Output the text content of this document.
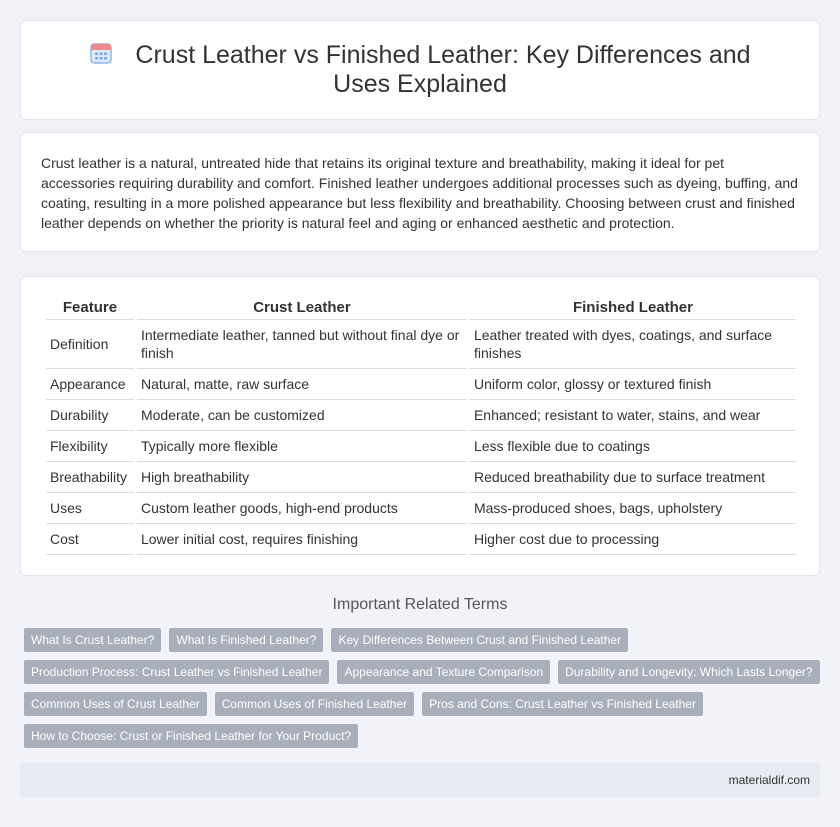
Crust Leather vs Finished Leather: Key Differences and Uses Explained

Crust leather is a natural, untreated hide that retains its original texture and breathability, making it ideal for pet accessories requiring durability and comfort. Finished leather undergoes additional processes such as dyeing, buffing, and coating, resulting in a more polished appearance but less flexibility and breathability. Choosing between crust and finished leather depends on whether the priority is natural feel and aging or enhanced aesthetic and protection.

Feature	Crust Leather	Finished Leather
Definition	Intermediate leather, tanned but without final dye or finish	Leather treated with dyes, coatings, and surface finishes
Appearance	Natural, matte, raw surface	Uniform color, glossy or textured finish
Durability	Moderate, can be customized	Enhanced; resistant to water, stains, and wear
Flexibility	Typically more flexible	Less flexible due to coatings
Breathability	High breathability	Reduced breathability due to surface treatment
Uses	Custom leather goods, high-end products	Mass-produced shoes, bags, upholstery
Cost	Lower initial cost, requires finishing	Higher cost due to processing
Important Related Terms
What Is Crust Leather?	What Is Finished Leather?	Key Differences Between Crust and Finished Leather
Production Process: Crust Leather vs Finished Leather	Appearance and Texture Comparison	Durability and Longevity: Which Lasts Longer?
Common Uses of Crust Leather	Common Uses of Finished Leather	Pros and Cons: Crust Leather vs Finished Leather
How to Choose: Crust or Finished Leather for Your Product?
materialdif.com
